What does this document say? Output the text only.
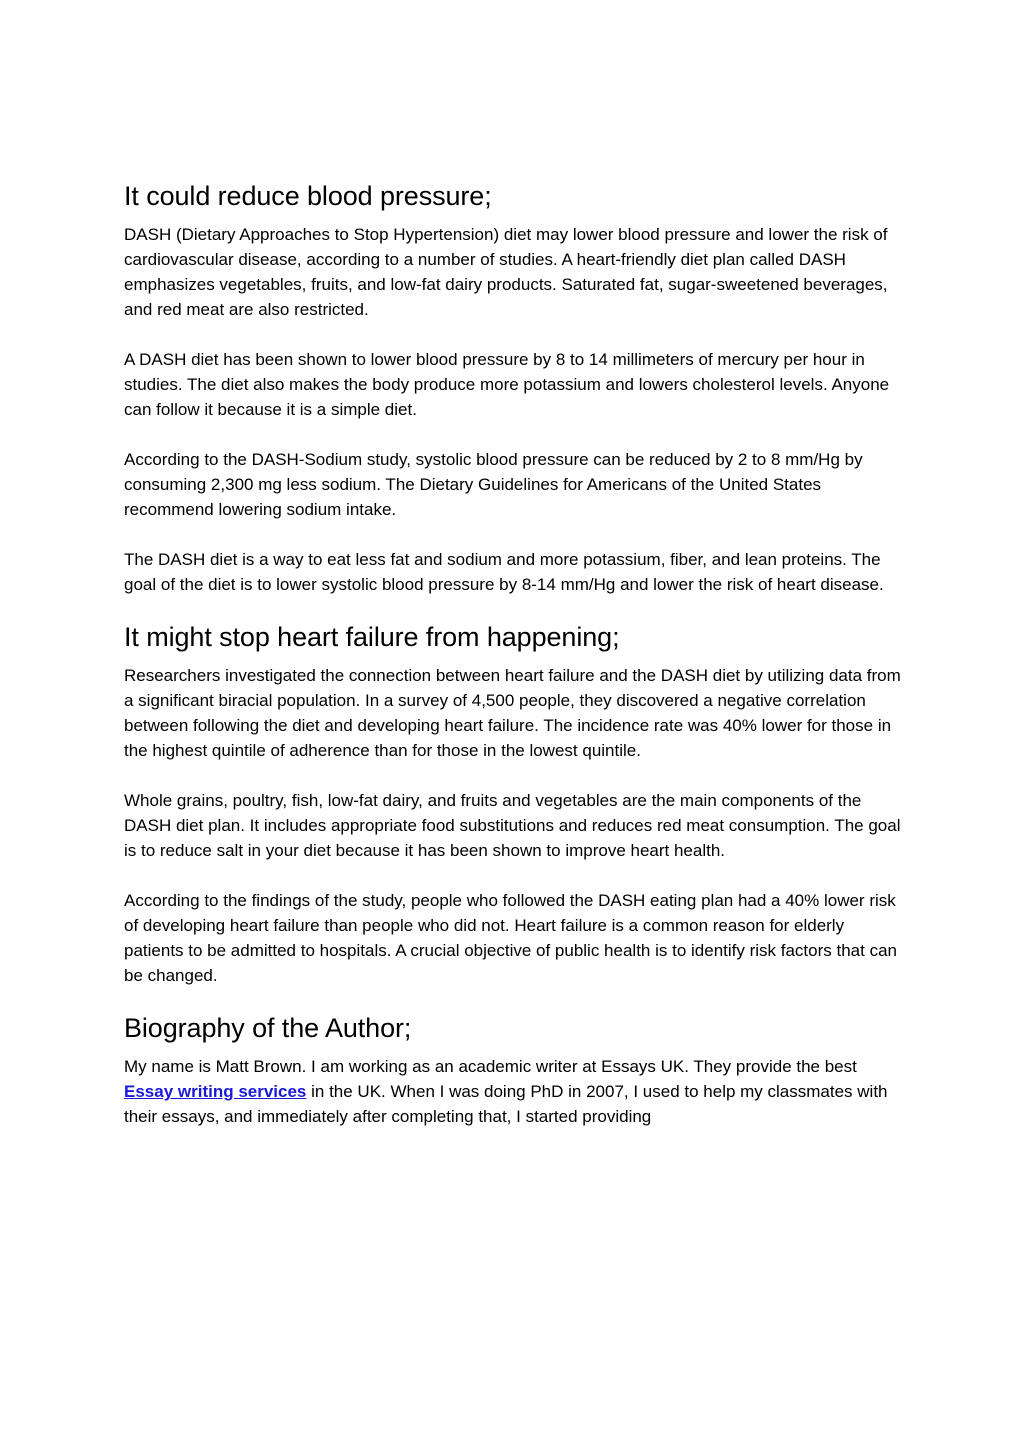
It could reduce blood pressure;

DASH (Dietary Approaches to Stop Hypertension) diet may lower blood pressure and lower the risk of cardiovascular disease, according to a number of studies. A heart-friendly diet plan called DASH emphasizes vegetables, fruits, and low-fat dairy products. Saturated fat, sugar-sweetened beverages, and red meat are also restricted.

A DASH diet has been shown to lower blood pressure by 8 to 14 millimeters of mercury per hour in studies. The diet also makes the body produce more potassium and lowers cholesterol levels. Anyone can follow it because it is a simple diet.

According to the DASH-Sodium study, systolic blood pressure can be reduced by 2 to 8 mm/Hg by consuming 2,300 mg less sodium. The Dietary Guidelines for Americans of the United States recommend lowering sodium intake.

The DASH diet is a way to eat less fat and sodium and more potassium, fiber, and lean proteins. The goal of the diet is to lower systolic blood pressure by 8-14 mm/Hg and lower the risk of heart disease.

It might stop heart failure from happening;

Researchers investigated the connection between heart failure and the DASH diet by utilizing data from a significant biracial population. In a survey of 4,500 people, they discovered a negative correlation between following the diet and developing heart failure. The incidence rate was 40% lower for those in the highest quintile of adherence than for those in the lowest quintile.

Whole grains, poultry, fish, low-fat dairy, and fruits and vegetables are the main components of the DASH diet plan. It includes appropriate food substitutions and reduces red meat consumption. The goal is to reduce salt in your diet because it has been shown to improve heart health.

According to the findings of the study, people who followed the DASH eating plan had a 40% lower risk of developing heart failure than people who did not. Heart failure is a common reason for elderly patients to be admitted to hospitals. A crucial objective of public health is to identify risk factors that can be changed.

Biography of the Author;

My name is Matt Brown. I am working as an academic writer at Essays UK. They provide the best Essay writing services in the UK. When I was doing PhD in 2007, I used to help my classmates with their essays, and immediately after completing that, I started providing
